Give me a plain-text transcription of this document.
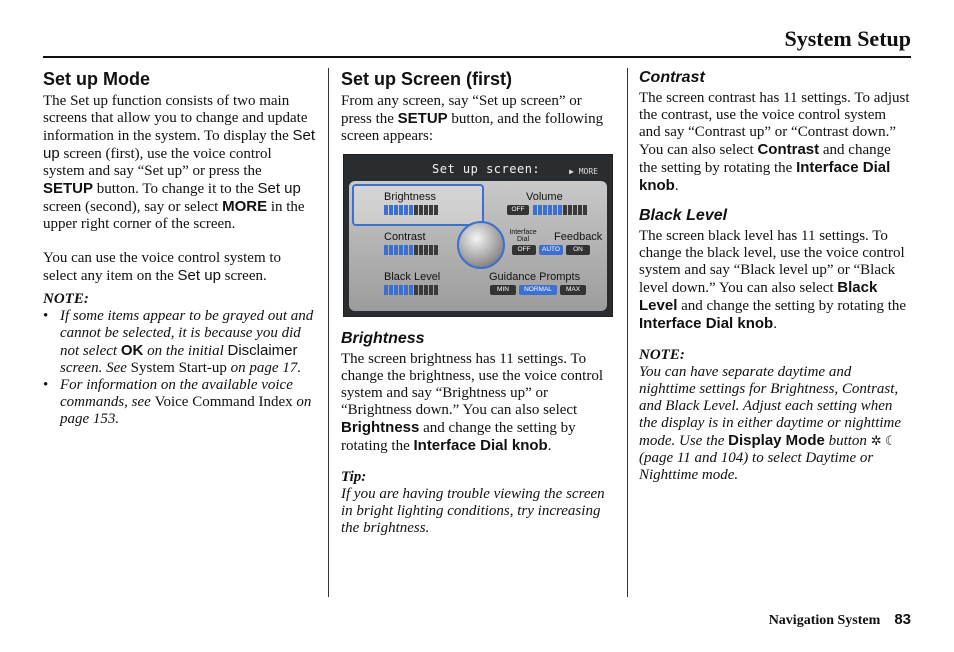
System Setup
Set up Mode

The Set up function consists of two main screens that allow you to change and update information in the system. To display the Set up screen (first), use the voice control system and say “Set up” or press the SETUP button. To change it to the Set up screen (second), say or select MORE in the upper right corner of the screen.

You can use the voice control system to select any item on the Set up screen.

NOTE:

• If some items appear to be grayed out and cannot be selected, it is because you did not select OK on the initial Disclaimer screen. See System Start-up on page 17.

• For information on the available voice commands, see Voice Command Index on page 153.

Set up Screen (first)

From any screen, say “Set up screen” or press the SETUP button, and the following screen appears:

Set up screen:	▶ MORE
Brightness	Volume
OFF
Contrast	Interface Dial	Feedback
OFF	AUTO	ON
Black Level	Guidance Prompts
MIN	NORMAL	MAX
Brightness

The screen brightness has 11 settings. To change the brightness, use the voice control system and say “Brightness up” or “Brightness down.” You can also select Brightness and change the setting by rotating the Interface Dial knob.

Tip:

If you are having trouble viewing the screen in bright lighting conditions, try increasing the brightness.

Contrast

The screen contrast has 11 settings. To adjust the contrast, use the voice control system and say “Contrast up” or “Contrast down.” You can also select Contrast and change the setting by rotating the Interface Dial knob.

Black Level

The screen black level has 11 settings. To change the black level, use the voice control system and say “Black level up” or “Black level down.” You can also select Black Level and change the setting by rotating the Interface Dial knob.

NOTE:

You can have separate daytime and nighttime settings for Brightness, Contrast, and Black Level. Adjust each setting when the display is in either daytime or nighttime mode. Use the Display Mode button ✲ ☾ (page 11 and 104) to select Daytime or Nighttime mode.

Navigation System 83
